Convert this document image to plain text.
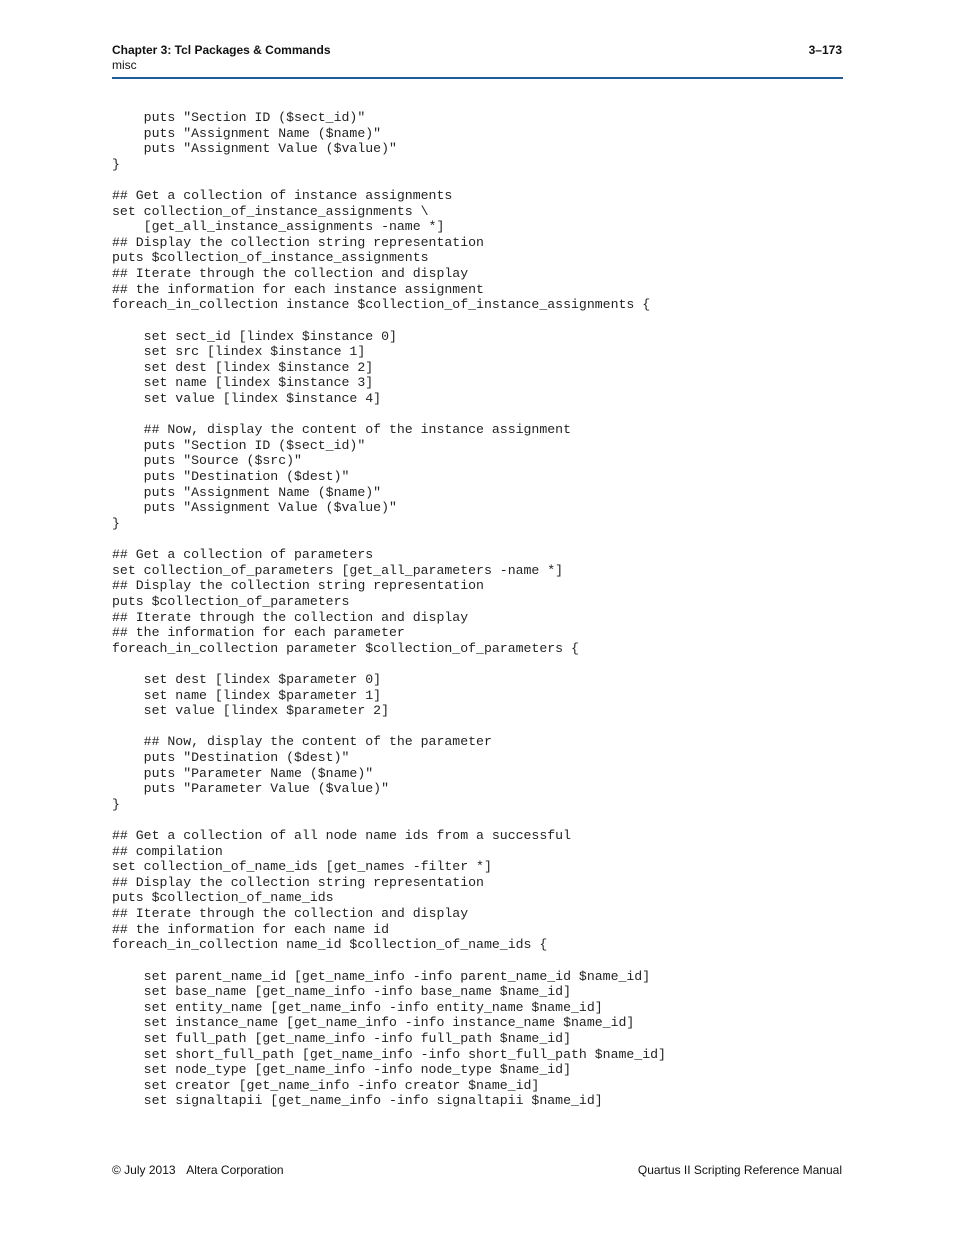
Chapter 3: Tcl Packages & Commands
misc
3–173
puts "Section ID ($sect_id)"
puts "Assignment Name ($name)"
puts "Assignment Value ($value)"
}
## Get a collection of instance assignments
set collection_of_instance_assignments \
[get_all_instance_assignments -name *]
## Display the collection string representation
puts $collection_of_instance_assignments
## Iterate through the collection and display
## the information for each instance assignment
foreach_in_collection instance $collection_of_instance_assignments {
set sect_id [lindex $instance 0]
set src [lindex $instance 1]
set dest [lindex $instance 2]
set name [lindex $instance 3]
set value [lindex $instance 4]
## Now, display the content of the instance assignment
puts "Section ID ($sect_id)"
puts "Source ($src)"
puts "Destination ($dest)"
puts "Assignment Name ($name)"
puts "Assignment Value ($value)"
}
## Get a collection of parameters
set collection_of_parameters [get_all_parameters -name *]
## Display the collection string representation
puts $collection_of_parameters
## Iterate through the collection and display
## the information for each parameter
foreach_in_collection parameter $collection_of_parameters {
set dest [lindex $parameter 0]
set name [lindex $parameter 1]
set value [lindex $parameter 2]
## Now, display the content of the parameter
puts "Destination ($dest)"
puts "Parameter Name ($name)"
puts "Parameter Value ($value)"
}
## Get a collection of all node name ids from a successful
## compilation
set collection_of_name_ids [get_names -filter *]
## Display the collection string representation
puts $collection_of_name_ids
## Iterate through the collection and display
## the information for each name id
foreach_in_collection name_id $collection_of_name_ids {
set parent_name_id [get_name_info -info parent_name_id $name_id]
set base_name [get_name_info -info base_name $name_id]
set entity_name [get_name_info -info entity_name $name_id]
set instance_name [get_name_info -info instance_name $name_id]
set full_path [get_name_info -info full_path $name_id]
set short_full_path [get_name_info -info short_full_path $name_id]
set node_type [get_name_info -info node_type $name_id]
set creator [get_name_info -info creator $name_id]
set signaltapii [get_name_info -info signaltapii $name_id]
© July 2013 Altera Corporation	Quartus II Scripting Reference Manual
